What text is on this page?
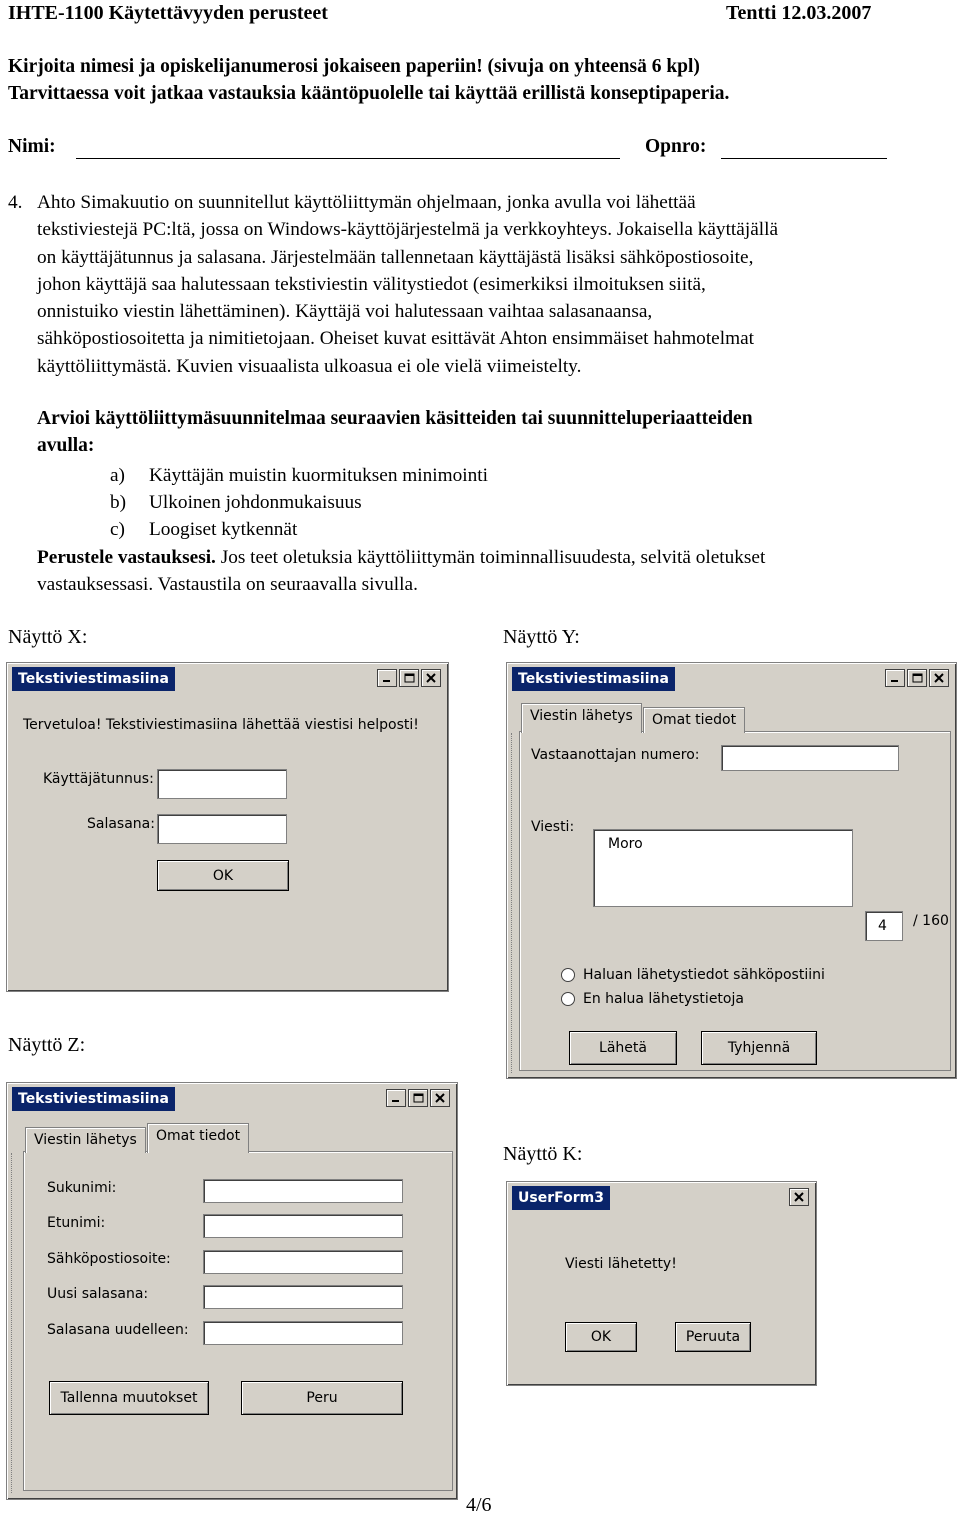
IHTE-1100 Käytettävyyden perusteet	Tentti 12.03.2007
Kirjoita nimesi ja opiskelijanumerosi jokaiseen paperiin! (sivuja on yhteensä 6 kpl)
Tarvittaessa voit jatkaa vastauksia kääntöpuolelle tai käyttää erillistä konseptipaperia.
Nimi:	Opnro:
4. Ahto Simakuutio on suunnitellut käyttöliittymän ohjelmaan, jonka avulla voi lähettää
tekstiviestejä PC:ltä, jossa on Windows-käyttöjärjestelmä ja verkkoyhteys. Jokaisella käyttäjällä
on käyttäjätunnus ja salasana. Järjestelmään tallennetaan käyttäjästä lisäksi sähköpostiosoite,
johon käyttäjä saa halutessaan tekstiviestin välitystiedot (esimerkiksi ilmoituksen siitä,
onnistuiko viestin lähettäminen). Käyttäjä voi halutessaan vaihtaa salasanaansa,
sähköpostiosoitetta ja nimitietojaan. Oheiset kuvat esittävät Ahton ensimmäiset hahmotelmat
käyttöliittymästä. Kuvien visuaalista ulkoasua ei ole vielä viimeistelty.
Arvioi käyttöliittymäsuunnitelmaa seuraavien käsitteiden tai suunnitteluperiaatteiden
avulla:
a) Käyttäjän muistin kuormituksen minimointi
b) Ulkoinen johdonmukaisuus
c) Loogiset kytkennät
Perustele vastauksesi. Jos teet oletuksia käyttöliittymän toiminnallisuudesta, selvitä oletukset
vastauksessasi. Vastaustila on seuraavalla sivulla.
Näyttö X:	Näyttö Y:
Näyttö Z:
Näyttö K:
Tekstiviestimasiina
Tervetuloa! Tekstiviestimasiina lähettää viestisi helposti!
Käyttäjätunnus:
Salasana:
OK
Tekstiviestimasiina
Viestin lähetys	Omat tiedot
Vastaanottajan numero:
Viesti:
Moro
4 / 160
Haluan lähetystiedot sähköpostiini
En halua lähetystietoja
Lähetä	Tyhjennä
Tekstiviestimasiina
Viestin lähetys	Omat tiedot
Sukunimi:
Etunimi:
Sähköpostiosoite:
Uusi salasana:
Salasana uudelleen:
Tallenna muutokset	Peru
UserForm3
Viesti lähetetty!
OK	Peruuta
4/6
